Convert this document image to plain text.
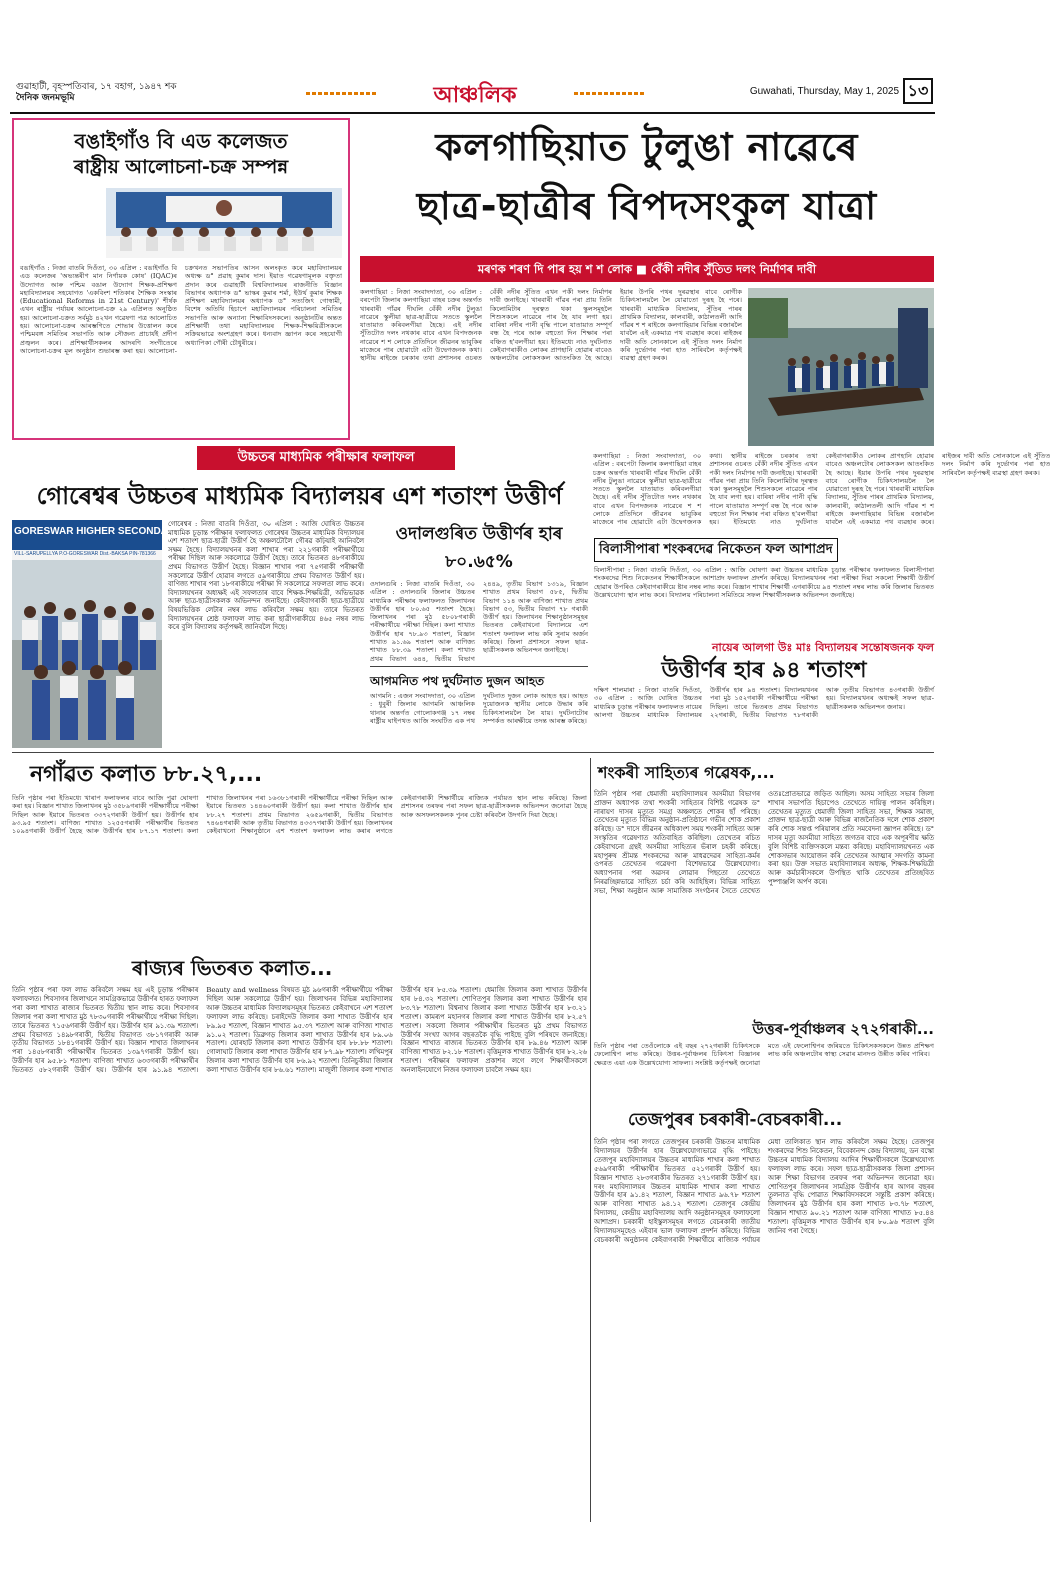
গুৱাহাটী, বৃহস্পতিবাৰ, ১৭ বহাগ, ১৯৪৭ শক
দৈনিক জনমভূমি	আঞ্চলিক	Guwahati, Thursday, May 1, 2025 ১৩
বঙাইগাঁও বি এড কলেজত
ৰাষ্ট্ৰীয় আলোচনা-চক্ৰ সম্পন্ন
বঙাইগাঁও : নিজা বাতৰি দিওঁতা, ৩০ এপ্ৰিল : বঙাইগাঁও বি এড কলেজৰ 'অভ্যন্তৰীণ মান নিৰ্ণায়ক কোষ' (IQAC)ৰ উদ্যোগত আৰু পশ্চিম বঙাল উদ্যোগ শিক্ষক-প্ৰশিক্ষণ মহাবিদ্যালয়ৰ সহযোগত 'একবিংশ শতিকাৰ শৈক্ষিক সংস্কাৰ (Educational Reforms in 21st Century)' শীৰ্ষক এখন ৰাষ্ট্ৰীয় পৰ্যায়ৰ আলোচনা-চক্ৰ ২৯ এপ্ৰিলত অনুষ্ঠিত হয়। আলোচনা-চক্ৰত সৰ্বমুঠ ৪২খন গৱেষণা পত্ৰ আলোচিত হয়। আলোচনা-চক্ৰৰ আৰম্ভণিতে শোভাৰ উত্তোলন কৰে পশ্চিমবঙ্গ সমিতিৰ সভাপতি আৰু সৌজন্য প্ৰাচাৰ্যই প্ৰদীপ প্ৰজ্বলন কৰে। প্ৰশিক্ষাৰ্থীসকলৰ আদৰণি সংগীতেৰে আলোচনা-চক্ৰৰ মূল অনুষ্ঠান শুভাৰম্ভ কৰা হয়। আলোচনা-চক্ৰখনত সভাপতিৰ আসন অলংকৃত কৰে মহাবিদ্যালয়ৰ অধ্যক্ষ ড° প্ৰৱাহ কুমাৰ দাস। ইয়াত গৱেষণামূলক বক্তৃতা প্ৰদান কৰে গুৱাহাটী বিশ্ববিদ্যালয়ৰ ৰাজনীতি বিজ্ঞান বিভাগৰ অধ্যাপক ড° ভাস্কৰ কুমাৰ শৰ্মা, ইউৰ্থ কুমাৰ শিক্ষক প্ৰশিক্ষণ মহাবিদ্যালয়ৰ অধ্যাপক ড° সত্যজিৎ গোস্বামী, বিশেষ অতিথি হিচাপে মহাবিদ্যালয়ৰ পৰিচালনা সমিতিৰ সভাপতি আৰু অন্যান্য শিক্ষাবিদসকলে। অনুষ্ঠানটিৰ অন্তত প্ৰশিক্ষাৰ্থী তথা মহাবিদ্যালয়ৰ শিক্ষক-শিক্ষয়িত্ৰীসকলে সক্ৰিয়ভাৱে অংশগ্ৰহণ কৰে। ধন্যবাদ জ্ঞাপন কৰে সহযোগী অধ্যাপিকা গৌৰী চৌধুৰীয়ে।
কলগাছিয়াত টুলুঙা নাৱেৰে
ছাত্ৰ-ছাত্ৰীৰ বিপদসংকুল যাত্ৰা
মৰণক শৰণ দি পাৰ হয় শ শ লোক ■ বেঁকী নদীৰ সুঁতিত দলং নিৰ্মাণৰ দাবী
কলগাছিয়া : নিজা সংবাদদাতা, ৩০ এপ্ৰিল : বৰপেটা জিলাৰ কলগাছিয়া বাহৰ চক্ৰৰ অন্তৰ্গত খাৰবাৰী গাঁৱৰ দীঘলি বেঁকী নদীৰ টুলুঙা নাৱেৰে স্কুলীয়া ছাত্ৰ-ছাত্ৰীয়ে সততে স্কুললৈ যাতায়াত কৰিবলগীয়া হৈছে। এই নদীৰ সুঁতিটোত দলং নথকাৰ বাবে এখন বিপদজনক নাৱেৰে শ শ লোকে প্ৰতিদিনে জীৱনৰ ভাবুকিৰ মাজেৰে পাৰ হোৱাটো এটা উদ্বেগজনক কথা। স্থানীয় ৰাইজে চৰকাৰ তথা প্ৰশাসনৰ ওচৰত বেঁকী নদীৰ সুঁতিত এখন পকী দলং নিৰ্মাণৰ দাবী জনাইছে। খাৰবাৰী গাঁৱৰ পৰা প্ৰায় তিনি কিলোমিটাৰ দূৰত্বত থকা স্কুলসমূহলৈ শিশুসকলে নাৱেৰে পাৰ হৈ যাব লগা হয়। বাৰিষা নদীৰ পানী বৃদ্ধি পালে যাতায়াত সম্পূৰ্ণ বন্ধ হৈ পৰে আৰু বহুতো দিন শিক্ষাৰ পৰা বঞ্চিত হ'বলগীয়া হয়। ইতিমধ্যে নাও দুৰ্ঘটনাত কেইবাগৰাকীও লোকৰ প্ৰাণহানি হোৱাৰ বাবেও অঞ্চলটোৰ লোকসকল আতংকিত হৈ আছে। ইয়াৰ উপৰি পথৰ দুৰৱস্থাৰ বাবে ৰোগীক চিকিৎসালয়লৈ লৈ যোৱাতো দুৰূহ হৈ পৰে। খাৰবাৰী মাধ্যমিক বিদ্যালয়, সুঁতিৰ পাৰৰ প্ৰাথমিক বিদ্যালয়, কালবাৰী, কাঠালতলী আদি গাঁৱৰ শ শ ৰাইজে কলগাছিয়াৰ বিভিন্ন বজাৰলৈ যাবলৈ এই একমাত্ৰ পথ ব্যৱহাৰ কৰে। ৰাইজৰ দাবী অতি সোনকালে এই সুঁতিত দলং নিৰ্মাণ কৰি দুৰ্ভোগৰ পৰা হাত সাৰিবলৈ কৰ্তৃপক্ষই ব্যৱস্থা গ্ৰহণ কৰক।
কলগাছিয়া : নিজা সংবাদদাতা, ৩০ এপ্ৰিল : বৰপেটা জিলাৰ কলগাছিয়া বাহৰ চক্ৰৰ অন্তৰ্গত খাৰবাৰী গাঁৱৰ দীঘলি বেঁকী নদীৰ টুলুঙা নাৱেৰে স্কুলীয়া ছাত্ৰ-ছাত্ৰীয়ে সততে স্কুললৈ যাতায়াত কৰিবলগীয়া হৈছে। এই নদীৰ সুঁতিটোত দলং নথকাৰ বাবে এখন বিপদজনক নাৱেৰে শ শ লোকে প্ৰতিদিনে জীৱনৰ ভাবুকিৰ মাজেৰে পাৰ হোৱাটো এটা উদ্বেগজনক কথা। স্থানীয় ৰাইজে চৰকাৰ তথা প্ৰশাসনৰ ওচৰত বেঁকী নদীৰ সুঁতিত এখন পকী দলং নিৰ্মাণৰ দাবী জনাইছে। খাৰবাৰী গাঁৱৰ পৰা প্ৰায় তিনি কিলোমিটাৰ দূৰত্বত থকা স্কুলসমূহলৈ শিশুসকলে নাৱেৰে পাৰ হৈ যাব লগা হয়। বাৰিষা নদীৰ পানী বৃদ্ধি পালে যাতায়াত সম্পূৰ্ণ বন্ধ হৈ পৰে আৰু বহুতো দিন শিক্ষাৰ পৰা বঞ্চিত হ'বলগীয়া হয়। ইতিমধ্যে নাও দুৰ্ঘটনাত কেইবাগৰাকীও লোকৰ প্ৰাণহানি হোৱাৰ বাবেও অঞ্চলটোৰ লোকসকল আতংকিত হৈ আছে। ইয়াৰ উপৰি পথৰ দুৰৱস্থাৰ বাবে ৰোগীক চিকিৎসালয়লৈ লৈ যোৱাতো দুৰূহ হৈ পৰে। খাৰবাৰী মাধ্যমিক বিদ্যালয়, সুঁতিৰ পাৰৰ প্ৰাথমিক বিদ্যালয়, কালবাৰী, কাঠালতলী আদি গাঁৱৰ শ শ ৰাইজে কলগাছিয়াৰ বিভিন্ন বজাৰলৈ যাবলৈ এই একমাত্ৰ পথ ব্যৱহাৰ কৰে। ৰাইজৰ দাবী অতি সোনকালে এই সুঁতিত দলং নিৰ্মাণ কৰি দুৰ্ভোগৰ পৰা হাত সাৰিবলৈ কৰ্তৃপক্ষই ব্যৱস্থা গ্ৰহণ কৰক।
উচ্চতৰ মাধ্যমিক পৰীক্ষাৰ ফলাফল
গোৰেশ্বৰ উচ্চতৰ মাধ্যমিক বিদ্যালয়ৰ এশ শতাংশ উত্তীৰ্ণ
GORESWAR HIGHER SECONDARY S
VILL-SARUPELLYA P.O-GORESWAR Dist.-BAKSA PIN-781366
গোৰেশ্বৰ : নিজা বাতৰি দিওঁতা, ৩০ এপ্ৰিল : আজি ঘোষিত উচ্চতৰ মাধ্যমিক চূড়ান্ত পৰীক্ষাৰ ফলাফলত গোৰেশ্বৰ উচ্চতৰ মাধ্যমিক বিদ্যালয়ৰ এশ শতাংশ ছাত্ৰ-ছাত্ৰী উত্তীৰ্ণ হৈ অঞ্চলটোলৈ গৌৰৱ কঢ়িয়াই আনিবলৈ সক্ষম হৈছে। বিদ্যালয়খনৰ কলা শাখাৰ পৰা ২২১গৰাকী পৰীক্ষাৰ্থীয়ে পৰীক্ষা দিছিল আৰু সকলোৱে উত্তীৰ্ণ হৈছে। তাৰে ভিতৰত ৪৮গৰাকীয়ে প্ৰথম বিভাগত উত্তীৰ্ণ হৈছে। বিজ্ঞান শাখাৰ পৰা ৭৫গৰাকী পৰীক্ষাৰ্থী সকলোৱে উত্তীৰ্ণ হোৱাৰ লগতে ৫৯গৰাকীয়ে প্ৰথম বিভাগত উত্তীৰ্ণ হয়। বাণিজ্য শাখাৰ পৰা ১৮গৰাকীয়ে পৰীক্ষা দি সকলোৱে সফলতা লাভ কৰে। বিদ্যালয়খনৰ অধ্যক্ষই এই সফলতাৰ বাবে শিক্ষক-শিক্ষয়িত্ৰী, অভিভাৱক আৰু ছাত্ৰ-ছাত্ৰীসকলক অভিনন্দন জনাইছে। কেইবাগৰাকী ছাত্ৰ-ছাত্ৰীয়ে বিষয়ভিত্তিক লেটাৰ নম্বৰ লাভ কৰিবলৈ সক্ষম হয়। তাৰে ভিতৰত বিদ্যালয়খনৰ শ্ৰেষ্ঠ ফলাফল লাভ কৰা ছাত্ৰীগৰাকীয়ে ৪৬৫ নম্বৰ লাভ কৰে বুলি বিদ্যালয় কৰ্তৃপক্ষই জানিবলৈ দিছে।
ওদালগুৰিত উত্তীৰ্ণৰ হাৰ ৮০.৬৫%
ওদালগুৰি : নিজা বাতৰি দিওঁতা, ৩০ এপ্ৰিল : ওদালগুৰি জিলাৰ উচ্চতৰ মাধ্যমিক পৰীক্ষাৰ ফলাফলত জিলাখনৰ উত্তীৰ্ণৰ হাৰ ৮০.৬৫ শতাংশ হৈছে। জিলাখনৰ পৰা মুঠ ৫৮০৮গৰাকী পৰীক্ষাৰ্থীয়ে পৰীক্ষা দিছিল। কলা শাখাত উত্তীৰ্ণৰ হাৰ ৭৮.৯৩ শতাংশ, বিজ্ঞান শাখাত ৯১.৬৯ শতাংশ আৰু বাণিজ্য শাখাত ৮৮.৩৯ শতাংশ। কলা শাখাত প্ৰথম বিভাগ ৬৪৪, দ্বিতীয় বিভাগ ২৪৪৯, তৃতীয় বিভাগ ১৩১৯, বিজ্ঞান শাখাত প্ৰথম বিভাগ ৫৮৫, দ্বিতীয় বিভাগ ১১৪ আৰু বাণিজ্য শাখাত প্ৰথম বিভাগ ৫৩, দ্বিতীয় বিভাগ ৭৮ গৰাকী উত্তীৰ্ণ হয়। জিলাখনৰ শিক্ষানুষ্ঠানসমূহৰ ভিতৰত কেইবাখনো বিদ্যালয়ে এশ শতাংশ ফলাফল লাভ কৰি সুনাম অৰ্জন কৰিছে। জিলা প্ৰশাসনে সফল ছাত্ৰ-ছাত্ৰীসকলক অভিনন্দন জনাইছে।
আগমনিত পথ দুৰ্ঘটনাত দুজন আহত
আগমনি : এজন সংবাদদাতা, ৩০ এপ্ৰিল : ধুবুৰী জিলাৰ আগমনি আঞ্চলিক থানাৰ অন্তৰ্গত গোলোকগঞ্জ ১৭ নম্বৰ ৰাষ্ট্ৰীয় ঘাইপথত আজি সংঘটিত এক পথ দুৰ্ঘটনাত দুজন লোক আহত হয়। আহত দুয়োজনক স্থানীয় লোকে উদ্ধাৰ কৰি চিকিৎসালয়লৈ লৈ যায়। দুৰ্ঘটনাটোৰ সম্পৰ্কত আৰক্ষীয়ে তদন্ত আৰম্ভ কৰিছে।
বিলাসীপাৰা শংকৰদেৱ নিকেতন ফল আশাপ্ৰদ
বিলাসীপাৰা : নিজা বাতৰি দিওঁতা, ৩০ এপ্ৰিল : আজি ঘোষণা কৰা উচ্চতৰ মাধ্যমিক চূড়ান্ত পৰীক্ষাৰ ফলাফলত বিলাসীপাৰা শংকৰদেৱ শিশু নিকেতনৰ শিক্ষাৰ্থীসকলে আশাপ্ৰদ ফলাফল প্ৰদৰ্শন কৰিছে। বিদ্যালয়খনৰ পৰা পৰীক্ষা দিয়া সকলো শিক্ষাৰ্থী উত্তীৰ্ণ হোৱাৰ উপৰিও কেইবাগৰাকীয়ে ষ্টাৰ নম্বৰ লাভ কৰে। বিজ্ঞান শাখাৰ শিক্ষাৰ্থী এগৰাকীয়ে ৯৪ শতাংশ নম্বৰ লাভ কৰি জিলাৰ ভিতৰত উল্লেখযোগ্য স্থান লাভ কৰে। বিদ্যালয় পৰিচালনা সমিতিয়ে সফল শিক্ষাৰ্থীসকলক অভিনন্দন জনাইছে।
নায়েৰ আলগা উঃ মাঃ বিদ্যালয়ৰ সন্তোষজনক ফল
উত্তীৰ্ণৰ হাৰ ৯৪ শতাংশ
দক্ষিণ শালমাৰা : নিজা বাতৰি দিওঁতা, ৩০ এপ্ৰিল : আজি ঘোষিত উচ্চতৰ মাধ্যমিক চূড়ান্ত পৰীক্ষাৰ ফলাফলত নায়েৰ আলগা উচ্চতৰ মাধ্যমিক বিদ্যালয়ৰ উত্তীৰ্ণৰ হাৰ ৯৪ শতাংশ। বিদ্যালয়খনৰ পৰা মুঠ ১৫২গৰাকী পৰীক্ষাৰ্থীয়ে পৰীক্ষা দিছিল। তাৰে ভিতৰত প্ৰথম বিভাগত ২২গৰাকী, দ্বিতীয় বিভাগত ৭৮গৰাকী আৰু তৃতীয় বিভাগত ৪৩গৰাকী উত্তীৰ্ণ হয়। বিদ্যালয়খনৰ অধ্যক্ষই সফল ছাত্ৰ-ছাত্ৰীসকলক অভিনন্দন জনায়।
নগাঁৱত কলাত ৮৮.২৭,...
তিনি পৃষ্ঠাৰ পৰা ইতিমধ্যে খাৰাপ ফলাফলৰ বাবে আজি পুৱা ঘোষণা কৰা হয়। বিজ্ঞান শাখাত জিলাখনৰ মুঠ ৩৫৮৯গৰাকী পৰীক্ষাৰ্থীয়ে পৰীক্ষা দিছিল আৰু ইয়াৰে ভিতৰত ৩৩৭২গৰাকী উত্তীৰ্ণ হয়। উত্তীৰ্ণৰ হাৰ ৯৩.৯৫ শতাংশ। বাণিজ্য শাখাত ১২৫৫গৰাকী পৰীক্ষাৰ্থীৰ ভিতৰত ১০৯৪গৰাকী উত্তীৰ্ণ হৈছে আৰু উত্তীৰ্ণৰ হাৰ ৮৭.১৭ শতাংশ। কলা শাখাত জিলাখনৰ পৰা ১৬৩৮১গৰাকী পৰীক্ষাৰ্থীয়ে পৰীক্ষা দিছিল আৰু ইয়াৰে ভিতৰত ১৪৪৬০গৰাকী উত্তীৰ্ণ হয়। কলা শাখাত উত্তীৰ্ণৰ হাৰ ৮৮.২৭ শতাংশ। প্ৰথম বিভাগত ২৬৫৯গৰাকী, দ্বিতীয় বিভাগত ৭৪৬৪গৰাকী আৰু তৃতীয় বিভাগত ৪৩৩৭গৰাকী উত্তীৰ্ণ হয়। জিলাখনৰ কেইবাখনো শিক্ষানুষ্ঠানে এশ শতাংশ ফলাফল লাভ কৰাৰ লগতে কেইবাগৰাকী শিক্ষাৰ্থীয়ে ৰাজ্যিক পৰ্যায়ত স্থান লাভ কৰিছে। জিলা প্ৰশাসনৰ তৰফৰ পৰা সফল ছাত্ৰ-ছাত্ৰীসকলক অভিনন্দন জনোৱা হৈছে আৰু অসফলসকলক পুনৰ চেষ্টা কৰিবলৈ উদগনি দিয়া হৈছে।
ৰাজ্যৰ ভিতৰত কলাত...
তিনি পৃষ্ঠাৰ পৰা ফল লাভ কৰিবলৈ সক্ষম হয় এই চূড়ান্ত পৰীক্ষাৰ ফলাফলত। শিবসাগৰ জিলাখনে সামগ্ৰিকভাৱে উত্তীৰ্ণৰ হাৰত ফলাফল পৰা কলা শাখাত ৰাজ্যৰ ভিতৰত দ্বিতীয় স্থান লাভ কৰে। শিবসাগৰ জিলাৰ পৰা কলা শাখাত মুঠ ৭৮৩০গৰাকী পৰীক্ষাৰ্থীয়ে পৰীক্ষা দিছিল। তাৰে ভিতৰত ৭১৫৬গৰাকী উত্তীৰ্ণ হয়। উত্তীৰ্ণৰ হাৰ ৯১.৩৯ শতাংশ। প্ৰথম বিভাগত ১৪৯৮গৰাকী, দ্বিতীয় বিভাগত ৩৮১৭গৰাকী আৰু তৃতীয় বিভাগত ১৮৪১গৰাকী উত্তীৰ্ণ হয়। বিজ্ঞান শাখাত জিলাখনৰ পৰা ১৪৫৮গৰাকী পৰীক্ষাৰ্থীৰ ভিতৰত ১৩৯৭গৰাকী উত্তীৰ্ণ হয়। উত্তীৰ্ণৰ হাৰ ৯৫.৮১ শতাংশ। বাণিজ্য শাখাত ৬৩৩গৰাকী পৰীক্ষাৰ্থীৰ ভিতৰত ৫৮২গৰাকী উত্তীৰ্ণ হয়। উত্তীৰ্ণৰ হাৰ ৯১.৯৪ শতাংশ। Beauty and wellness বিষয়ত মুঠ ৯৬গৰাকী পৰীক্ষাৰ্থীয়ে পৰীক্ষা দিছিল আৰু সকলোৱে উত্তীৰ্ণ হয়। জিলাখনৰ বিভিন্ন মহাবিদ্যালয় আৰু উচ্চতৰ মাধ্যমিক বিদ্যালয়সমূহৰ ভিতৰত কেইবাখনে এশ শতাংশ ফলাফল লাভ কৰিছে। চৰাইদেউ জিলাৰ কলা শাখাত উত্তীৰ্ণৰ হাৰ ৮৯.৯৫ শতাংশ, বিজ্ঞান শাখাত ৯৫.৩৭ শতাংশ আৰু বাণিজ্য শাখাত ৯১.০২ শতাংশ। ডিব্ৰুগড় জিলাৰ কলা শাখাত উত্তীৰ্ণৰ হাৰ ৮৯.০৬ শতাংশ। যোৰহাট জিলাৰ কলা শাখাত উত্তীৰ্ণৰ হাৰ ৮৮.৮৮ শতাংশ। গোলাঘাট জিলাৰ কলা শাখাত উত্তীৰ্ণৰ হাৰ ৮৭.৯৮ শতাংশ। লখিমপুৰ জিলাৰ কলা শাখাত উত্তীৰ্ণৰ হাৰ ৮৬.৯২ শতাংশ। তিনিচুকীয়া জিলাৰ কলা শাখাত উত্তীৰ্ণৰ হাৰ ৮৬.৬১ শতাংশ। মাজুলী জিলাৰ কলা শাখাত উত্তীৰ্ণৰ হাৰ ৮৫.৩৯ শতাংশ। ধেমাজি জিলাৰ কলা শাখাত উত্তীৰ্ণৰ হাৰ ৮৪.৩২ শতাংশ। শোণিতপুৰ জিলাৰ কলা শাখাত উত্তীৰ্ণৰ হাৰ ৮৩.৭৮ শতাংশ। বিশ্বনাথ জিলাৰ কলা শাখাত উত্তীৰ্ণৰ হাৰ ৮৩.২১ শতাংশ। কামৰূপ মহানগৰ জিলাৰ কলা শাখাত উত্তীৰ্ণৰ হাৰ ৮২.৫৭ শতাংশ। সকলো জিলাৰ পৰীক্ষাৰ্থীৰ ভিতৰত মুঠ প্ৰথম বিভাগত উত্তীৰ্ণৰ সংখ্যা আগৰ বছৰতকৈ বৃদ্ধি পাইছে বুলি পৰিষদে জনাইছে। বিজ্ঞান শাখাত ৰাজ্যৰ ভিতৰত উত্তীৰ্ণৰ হাৰ ৮৯.৪৬ শতাংশ আৰু বাণিজ্য শাখাত ৮২.১৮ শতাংশ। বৃত্তিমূলক শাখাত উত্তীৰ্ণৰ হাৰ ৮২.২৬ শতাংশ। পৰীক্ষাৰ ফলাফল প্ৰকাশৰ লগে লগে শিক্ষাৰ্থীসকলে অনলাইনযোগে নিজৰ ফলাফল চাবলৈ সক্ষম হয়।
শংকৰী সাহিত্যৰ গৱেষক,...
তিনি পৃষ্ঠাৰ পৰা ধেমাজী মহাবিদ্যালয়ৰ অসমীয়া বিভাগৰ প্ৰাক্তন অধ্যাপক তথা শংকৰী সাহিত্যৰ বিশিষ্ট গৱেষক ড° নাৰায়ণ দাসৰ মৃত্যুত সমগ্ৰ অঞ্চলতে শোকৰ ছাঁ পৰিছে। তেখেতৰ মৃত্যুত বিভিন্ন অনুষ্ঠান-প্ৰতিষ্ঠানে গভীৰ শোক প্ৰকাশ কৰিছে। ড° দাসে জীৱনৰ অধিকাংশ সময় শংকৰী সাহিত্য আৰু সংস্কৃতিৰ গৱেষণাত অতিবাহিত কৰিছিল। তেখেতৰ ৰচিত কেইবাখনো গ্ৰন্থই অসমীয়া সাহিত্যৰ ভঁৰাল চহকী কৰিছে। মহাপুৰুষ শ্ৰীমন্ত শংকৰদেৱ আৰু মাধৱদেৱৰ সাহিত্য-কৰ্মৰ ওপৰত তেখেতৰ গৱেষণা বিশেষভাৱে উল্লেখযোগ্য। অধ্যাপনাৰ পৰা অৱসৰ লোৱাৰ পিছতো তেখেতে নিৰৱচ্ছিন্নভাৱে সাহিত্য চৰ্চা কৰি আহিছিল। বিভিন্ন সাহিত্য সভা, শিক্ষা অনুষ্ঠান আৰু সামাজিক সংগঠনৰ সৈতে তেখেত ওতঃপ্ৰোতভাৱে জড়িত আছিল। অসম সাহিত্য সভাৰ জিলা শাখাৰ সভাপতি হিচাপেও তেখেতে দায়িত্ব পালন কৰিছিল। তেখেতৰ মৃত্যুত ধেমাজী জিলা সাহিত্য সভা, শিক্ষক সমাজ, প্ৰাক্তন ছাত্ৰ-ছাত্ৰী আৰু বিভিন্ন ৰাজনৈতিক দলে শোক প্ৰকাশ কৰি শোক সন্তপ্ত পৰিয়ালৰ প্ৰতি সমবেদনা জ্ঞাপন কৰিছে। ড° দাসৰ মৃত্যু অসমীয়া সাহিত্য জগতৰ বাবে এক অপূৰণীয় ক্ষতি বুলি বিশিষ্ট ব্যক্তিসকলে মন্তব্য কৰিছে। মহাবিদ্যালয়খনত এক শোকসভাৰ আয়োজন কৰি তেখেতৰ আত্মাৰ সদগতি কামনা কৰা হয়। উক্ত সভাত মহাবিদ্যালয়ৰ অধ্যক্ষ, শিক্ষক-শিক্ষয়িত্ৰী আৰু কৰ্মচাৰীসকলে উপস্থিত থাকি তেখেতৰ প্ৰতিচ্ছবিত পুষ্পাঞ্জলি অৰ্পণ কৰে।
উত্তৰ-পূৰ্বাঞ্চলৰ ২৭২গৰাকী...
তিনি পৃষ্ঠাৰ পৰা তেওঁলোকে এই বছৰ ২৭২গৰাকী চিকিৎসকে ফেলোশ্বিপ লাভ কৰিছে। উত্তৰ-পূৰ্বাঞ্চলৰ চিকিৎসা বিজ্ঞানৰ ক্ষেত্ৰত এয়া এক উল্লেখযোগ্য সাফল্য। সংশ্লিষ্ট কৰ্তৃপক্ষই জনোৱা মতে এই ফেলোশ্বিপৰ জৰিয়তে চিকিৎসকসকলে উন্নত প্ৰশিক্ষণ লাভ কৰি অঞ্চলটোৰ স্বাস্থ্য সেৱাৰ মানদণ্ড উন্নীত কৰিব পাৰিব।
তেজপুৰৰ চৰকাৰী-বেচৰকাৰী...
তিনি পৃষ্ঠাৰ পৰা লগতে তেজপুৰৰ চৰকাৰী উচ্চতৰ মাধ্যমিক বিদ্যালয়ৰ উত্তীৰ্ণৰ হাৰ উল্লেখযোগ্যভাৱে বৃদ্ধি পাইছে। তেজপুৰ মহাবিদ্যালয়ৰ উচ্চতৰ মাধ্যমিক শাখাৰ কলা শাখাত ৫৬৯গৰাকী পৰীক্ষাৰ্থীৰ ভিতৰত ৫২১গৰাকী উত্তীৰ্ণ হয়। বিজ্ঞান শাখাত ২৮৩গৰাকীৰ ভিতৰত ২৭১গৰাকী উত্তীৰ্ণ হয়। দৰং মহাবিদ্যালয়ৰ উচ্চতৰ মাধ্যমিক শাখাৰ কলা শাখাত উত্তীৰ্ণৰ হাৰ ৯১.৪২ শতাংশ, বিজ্ঞান শাখাত ৯৬.৭৮ শতাংশ আৰু বাণিজ্য শাখাত ৯৪.১২ শতাংশ। তেজপুৰ কেন্দ্ৰীয় বিদ্যালয়, কেন্দ্ৰীয় মহাবিদ্যালয় আদি অনুষ্ঠানসমূহৰ ফলাফলো আশাপ্ৰদ। চৰকাৰী হাইস্কুলসমূহৰ লগতে বেচৰকাৰী জাতীয় বিদ্যালয়সমূহেও এইবাৰ ভাল ফলাফল প্ৰদৰ্শন কৰিছে। বিভিন্ন বেচৰকাৰী অনুষ্ঠানৰ কেইবাগৰাকী শিক্ষাৰ্থীয়ে ৰাজ্যিক পৰ্যায়ৰ মেধা তালিকাত স্থান লাভ কৰিবলৈ সক্ষম হৈছে। তেজপুৰ শংকৰদেৱ শিশু নিকেতন, বিবেকানন্দ কেন্দ্ৰ বিদ্যালয়, ডন বস্কো উচ্চতৰ মাধ্যমিক বিদ্যালয় আদিৰ শিক্ষাৰ্থীসকলে উল্লেখযোগ্য ফলাফল লাভ কৰে। সফল ছাত্ৰ-ছাত্ৰীসকলক জিলা প্ৰশাসন আৰু শিক্ষা বিভাগৰ তৰফৰ পৰা অভিনন্দন জনোৱা হয়। শোণিতপুৰ জিলাখনৰ সামগ্ৰিক উত্তীৰ্ণৰ হাৰ আগৰ বছৰৰ তুলনাত বৃদ্ধি পোৱাত শিক্ষাবিদসকলে সন্তুষ্টি প্ৰকাশ কৰিছে। জিলাখনৰ মুঠ উত্তীৰ্ণৰ হাৰ কলা শাখাত ৮৩.৭৮ শতাংশ, বিজ্ঞান শাখাত ৯০.২১ শতাংশ আৰু বাণিজ্য শাখাত ৮৫.৪৪ শতাংশ। বৃত্তিমূলক শাখাত উত্তীৰ্ণৰ হাৰ ৮০.৯৬ শতাংশ বুলি জানিব পৰা গৈছে।
